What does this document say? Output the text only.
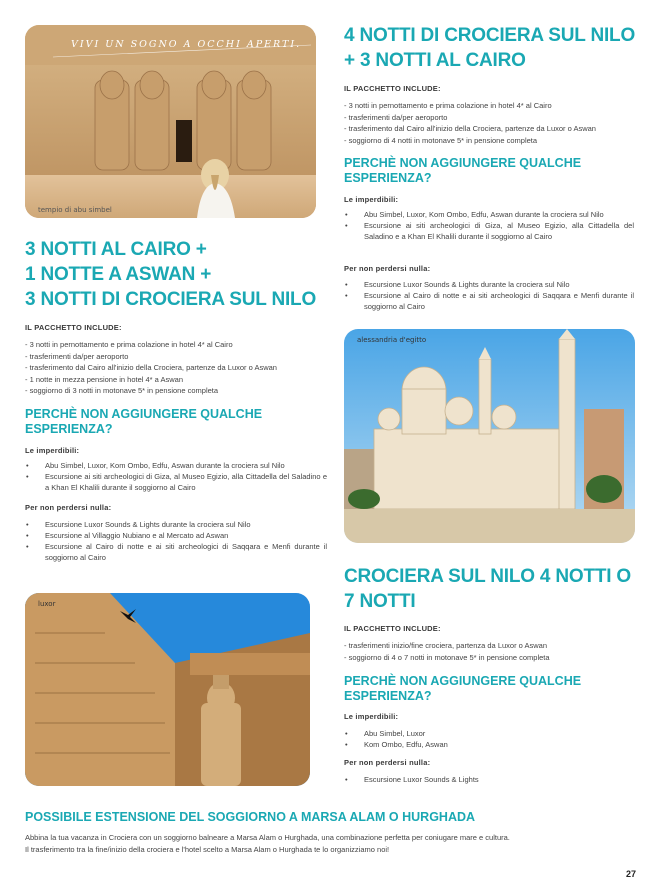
VIVI UN SOGNO A OCCHI APERTI.
tempio di abu simbel
4 NOTTI DI CROCIERA SUL NILO
+ 3 NOTTI AL CAIRO
IL PACCHETTO INCLUDE:
- 3 notti in pernottamento e prima colazione in hotel 4* al Cairo
- trasferimenti da/per aeroporto
- trasferimento dal Cairo all'inizio della Crociera, partenze da Luxor o Aswan
- soggiorno di 4 notti in motonave 5* in pensione completa
PERCHÈ NON AGGIUNGERE QUALCHE
ESPERIENZA?
Le imperdibili:
• Abu Simbel, Luxor, Kom Ombo, Edfu, Aswan durante la crociera sul Nilo
• Escursione ai siti archeologici di Giza, al Museo Egizio, alla Cittadella del Saladino e a Khan El Khalili durante il soggiorno al Cairo
Per non perdersi nulla:
• Escursione Luxor Sounds & Lights durante la crociera sul Nilo
• Escursione al Cairo di notte e ai siti archeologici di Saqqara e Menfi durante il soggiorno al Cairo
3 NOTTI AL CAIRO +
1 NOTTE A ASWAN +
3 NOTTI DI CROCIERA SUL NILO
IL PACCHETTO INCLUDE:
- 3 notti in pernottamento e prima colazione in hotel 4* al Cairo
- trasferimenti da/per aeroporto
- trasferimento dal Cairo all'inizio della Crociera, partenze da Luxor o Aswan
- 1 notte in mezza pensione in hotel 4* a Aswan
- soggiorno di 3 notti in motonave 5* in pensione completa
PERCHÈ NON AGGIUNGERE QUALCHE
ESPERIENZA?
Le imperdibili:
• Abu Simbel, Luxor, Kom Ombo, Edfu, Aswan durante la crociera sul Nilo
• Escursione ai siti archeologici di Giza, al Museo Egizio, alla Cittadella del Saladino e a Khan El Khalili durante il soggiorno al Cairo
Per non perdersi nulla:
• Escursione Luxor Sounds & Lights durante la crociera sul Nilo
• Escursione al Villaggio Nubiano e al Mercato ad Aswan
• Escursione al Cairo di notte e ai siti archeologici di Saqqara e Menfi durante il soggiorno al Cairo
alessandria d'egitto
CROCIERA SUL NILO 4 NOTTI O
7 NOTTI
IL PACCHETTO INCLUDE:
- trasferimenti inizio/fine crociera, partenza da Luxor o Aswan
- soggiorno di 4 o 7 notti in motonave 5* in pensione completa
PERCHÈ NON AGGIUNGERE QUALCHE
ESPERIENZA?
Le imperdibili:
• Abu Simbel, Luxor
• Kom Ombo, Edfu, Aswan
Per non perdersi nulla:
• Escursione Luxor Sounds & Lights
luxor
POSSIBILE ESTENSIONE DEL SOGGIORNO A MARSA ALAM O HURGHADA
Abbina la tua vacanza in Crociera con un soggiorno balneare a Marsa Alam o Hurghada, una combinazione perfetta per coniugare mare e cultura.
Il trasferimento tra la fine/inizio della crociera e l'hotel scelto a Marsa Alam o Hurghada te lo organizziamo noi!
27
